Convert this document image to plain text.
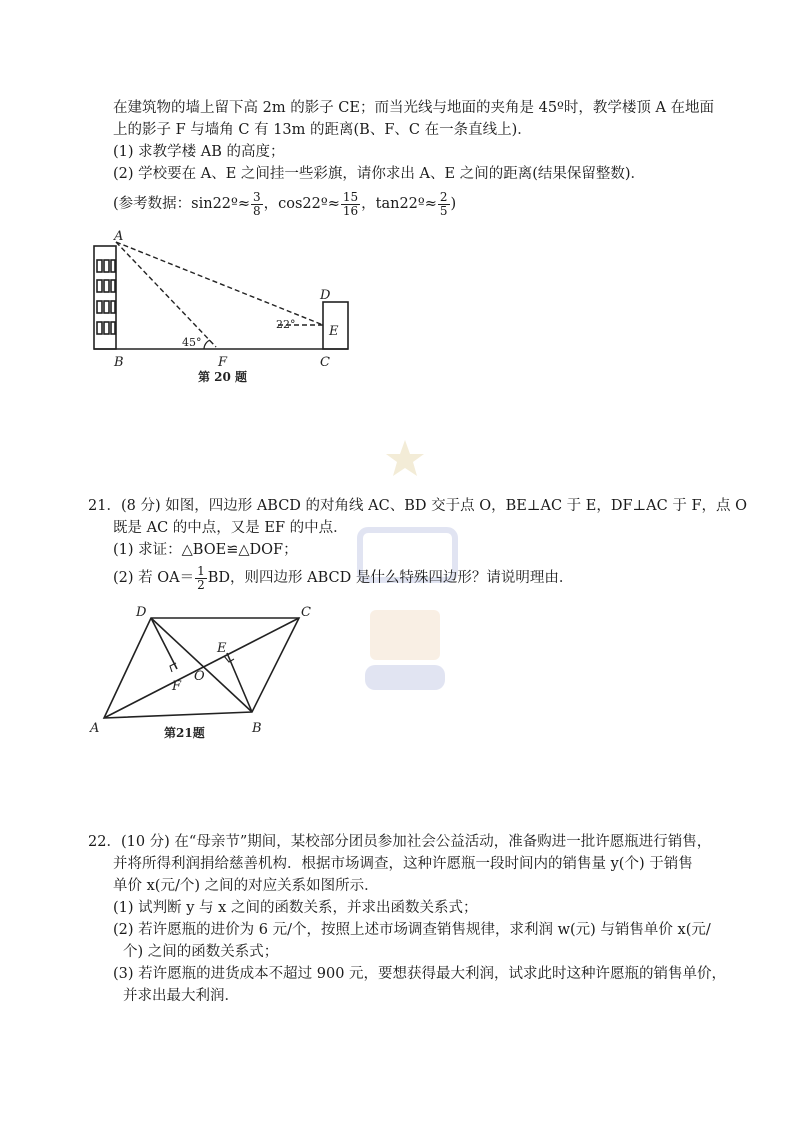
在建筑物的墙上留下高 2m 的影子 CE；而当光线与地面的夹角是 45º时，教学楼顶 A 在地面
上的影子 F 与墙角 C 有 13m 的距离(B、F、C 在一条直线上)．
(1) 求教学楼 AB 的高度；
(2) 学校要在 A、E 之间挂一些彩旗，请你求出 A、E 之间的距离(结果保留整数)．
(参考数据：sin22º≈ $\frac{3}{8}$ ，cos22º≈ $\frac{15}{16}$ ，tan22º≈ $\frac{2}{5}$ )
45°
22°
A
B	F	C
D
E
第 20 题
21．(8 分) 如图，四边形 ABCD 的对角线 AC、BD 交于点 O，BE⊥AC 于 E，DF⊥AC 于 F，点 O
既是 AC 的中点，又是 EF 的中点．
(1) 求证：△BOE≌△DOF；
(2) 若 $OA= \frac{1}{2}$ BD，则四边形 ABCD 是什么特殊四边形？请说明理由．
D	C
E
F
O
A	B
第21题
22．(10 分) 在“母亲节”期间，某校部分团员参加社会公益活动，准备购进一批许愿瓶进行销售，
并将所得利润捐给慈善机构．根据市场调查，这种许愿瓶一段时间内的销售量 y(个) 于销售
单价 x(元/个) 之间的对应关系如图所示．
(1) 试判断 y 与 x 之间的函数关系，并求出函数关系式；
(2) 若许愿瓶的进价为 6 元/个，按照上述市场调查销售规律，求利润 w(元) 与销售单价 x(元/
个) 之间的函数关系式；
(3) 若许愿瓶的进货成本不超过 900 元，要想获得最大利润，试求此时这种许愿瓶的销售单价，
并求出最大利润．
